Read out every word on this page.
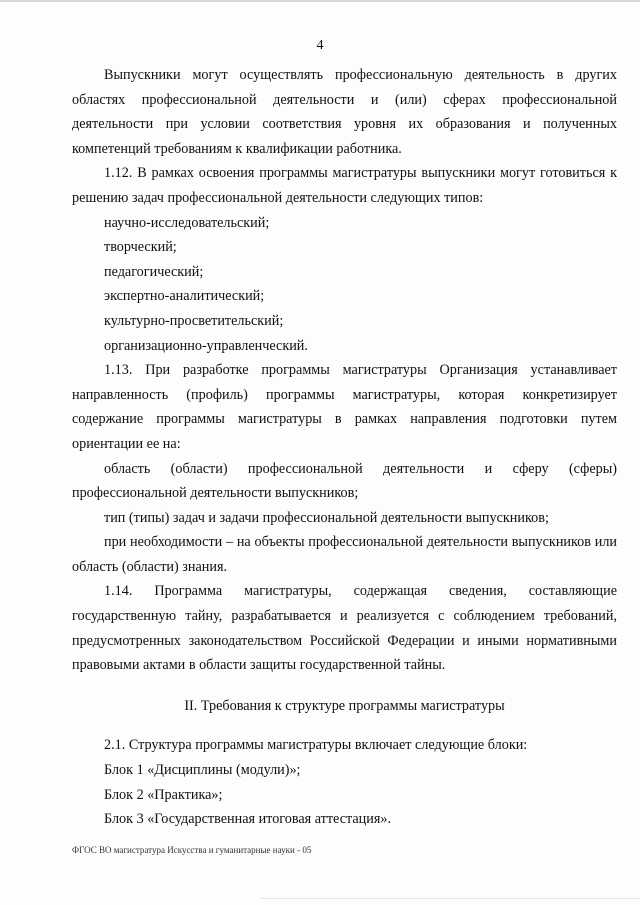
4

Выпускники могут осуществлять профессиональную деятельность в других областях профессиональной деятельности и (или) сферах профессиональной деятельности при условии соответствия уровня их образования и полученных компетенций требованиям к квалификации работника.

1.12. В рамках освоения программы магистратуры выпускники могут готовиться к решению задач профессиональной деятельности следующих типов:

научно-исследовательский;

творческий;

педагогический;

экспертно-аналитический;

культурно-просветительский;

организационно-управленческий.

1.13. При разработке программы магистратуры Организация устанавливает направленность (профиль) программы магистратуры, которая конкретизирует содержание программы магистратуры в рамках направления подготовки путем ориентации ее на:

область (области) профессиональной деятельности и сферу (сферы) профессиональной деятельности выпускников;

тип (типы) задач и задачи профессиональной деятельности выпускников;

при необходимости – на объекты профессиональной деятельности выпускников или область (области) знания.

1.14. Программа магистратуры, содержащая сведения, составляющие государственную тайну, разрабатывается и реализуется с соблюдением требований, предусмотренных законодательством Российской Федерации и иными нормативными правовыми актами в области защиты государственной тайны.

II. Требования к структуре программы магистратуры

2.1. Структура программы магистратуры включает следующие блоки:

Блок 1 «Дисциплины (модули)»;

Блок 2 «Практика»;

Блок 3 «Государственная итоговая аттестация».

ФГОС ВО магистратура Искусства и гуманитарные науки - 05
